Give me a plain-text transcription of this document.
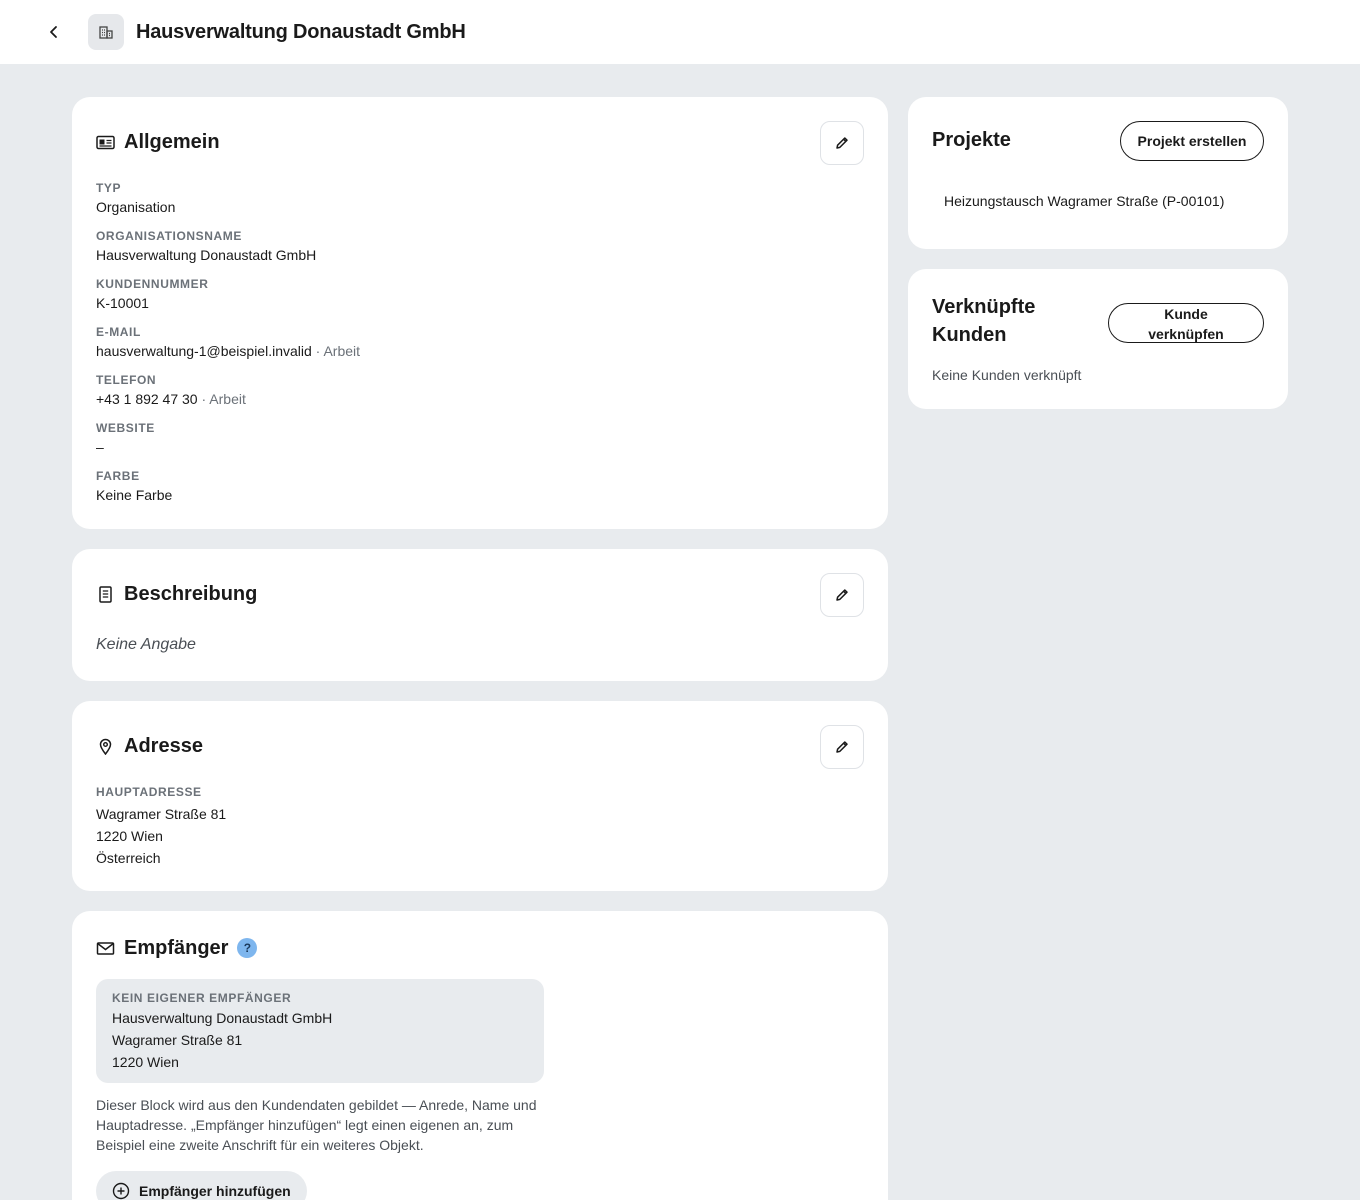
Hausverwaltung Donaustadt GmbH
Allgemein
TYP
Organisation
ORGANISATIONSNAME
Hausverwaltung Donaustadt GmbH
KUNDENNUMMER
K-10001
E-MAIL
hausverwaltung-1@beispiel.invalid · Arbeit
TELEFON
+43 1 892 47 30 · Arbeit
WEBSITE
–
FARBE
Keine Farbe
Beschreibung
Keine Angabe
Adresse
HAUPTADRESSE
Wagramer Straße 81
1220 Wien
Österreich
Empfänger	?
KEIN EIGENER EMPFÄNGER
Hausverwaltung Donaustadt GmbH
Wagramer Straße 81
1220 Wien

Dieser Block wird aus den Kundendaten gebildet — Anrede, Name und Hauptadresse. „Empfänger hinzufügen“ legt einen eigenen an, zum Beispiel eine zweite Anschrift für ein weiteres Objekt.

Empfänger hinzufügen
Projekte	Projekt erstellen
Heizungstausch Wagramer Straße (P-00101)
Verknüpfte Kunden
Kunde verknüpfen
Keine Kunden verknüpft
